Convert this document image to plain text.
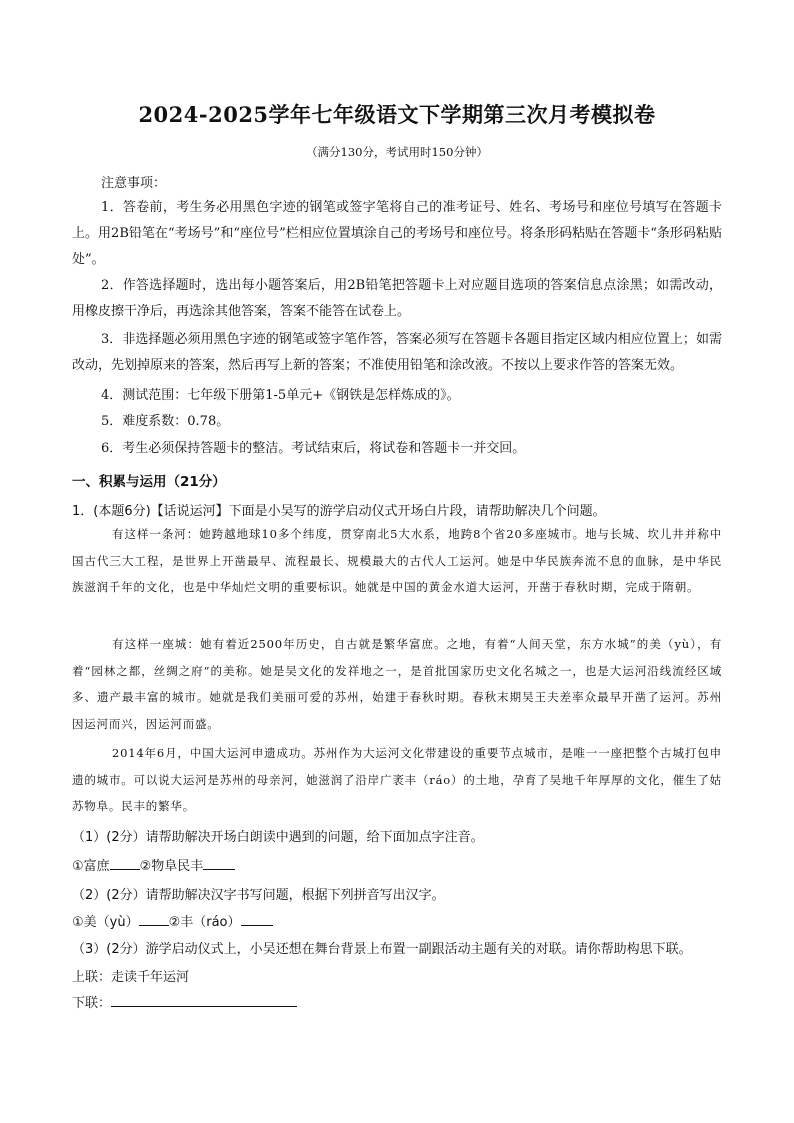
2024-2025学年七年级语文下学期第三次月考模拟卷
（满分130分，考试用时150分钟）
注意事项：

1．答卷前，考生务必用黑色字迹的钢笔或签字笔将自己的准考证号、姓名、考场号和座位号填写在答题卡上。用2B铅笔在“考场号”和“座位号”栏相应位置填涂自己的考场号和座位号。将条形码粘贴在答题卡“条形码粘贴处”。

2．作答选择题时，选出每小题答案后，用2B铅笔把答题卡上对应题目选项的答案信息点涂黑；如需改动，用橡皮擦干净后，再选涂其他答案，答案不能答在试卷上。

3．非选择题必须用黑色字迹的钢笔或签字笔作答，答案必须写在答题卡各题目指定区域内相应位置上；如需改动，先划掉原来的答案，然后再写上新的答案；不准使用铅笔和涂改液。不按以上要求作答的答案无效。

4．测试范围：七年级下册第1-5单元+《钢铁是怎样炼成的》。

5．难度系数：0.78。

6．考生必须保持答题卡的整洁。考试结束后，将试卷和答题卡一并交回。

一、积累与运用（21分）
1．(本题6分)【话说运河】下面是小吴写的游学启动仪式开场白片段，请帮助解决几个问题。

有这样一条河：她跨越地球10多个纬度，贯穿南北5大水系，地跨8个省20多座城市。地与长城、坎儿井并称中国古代三大工程，是世界上开凿最早、流程最长、规模最大的古代人工运河。她是中华民族奔流不息的血脉，是中华民族滋润千年的文化，也是中华灿烂文明的重要标识。她就是中国的黄金水道大运河，开凿于春秋时期，完成于隋朝。

有这样一座城：她有着近2500年历史，自古就是繁华富庶。之地，有着“人间天堂，东方水城”的美（yù），有着“园林之都，丝绸之府”的美称。她是吴文化的发祥地之一，是首批国家历史文化名城之一，也是大运河沿线流经区域多、遗产最丰富的城市。她就是我们美丽可爱的苏州，始建于春秋时期。春秋末期吴王夫差率众最早开凿了运河。苏州因运河而兴，因运河而盛。

2014年6月，中国大运河申遗成功。苏州作为大运河文化带建设的重要节点城市，是唯一一座把整个古城打包申遗的城市。可以说大运河是苏州的母亲河，她滋润了沿岸广袤丰（ráo）的土地，孕育了吴地千年厚厚的文化，催生了姑苏物阜。民丰的繁华。

（1）(2分）请帮助解决开场白朗读中遇到的问题，给下面加点字注音。
①富庶 ②物阜民丰
（2）(2分）请帮助解决汉字书写问题，根据下列拼音写出汉字。
①美（yù） ②丰（ráo）
（3）(2分）游学启动仪式上，小吴还想在舞台背景上布置一副跟活动主题有关的对联。请你帮助构思下联。
上联：走读千年运河
下联：
